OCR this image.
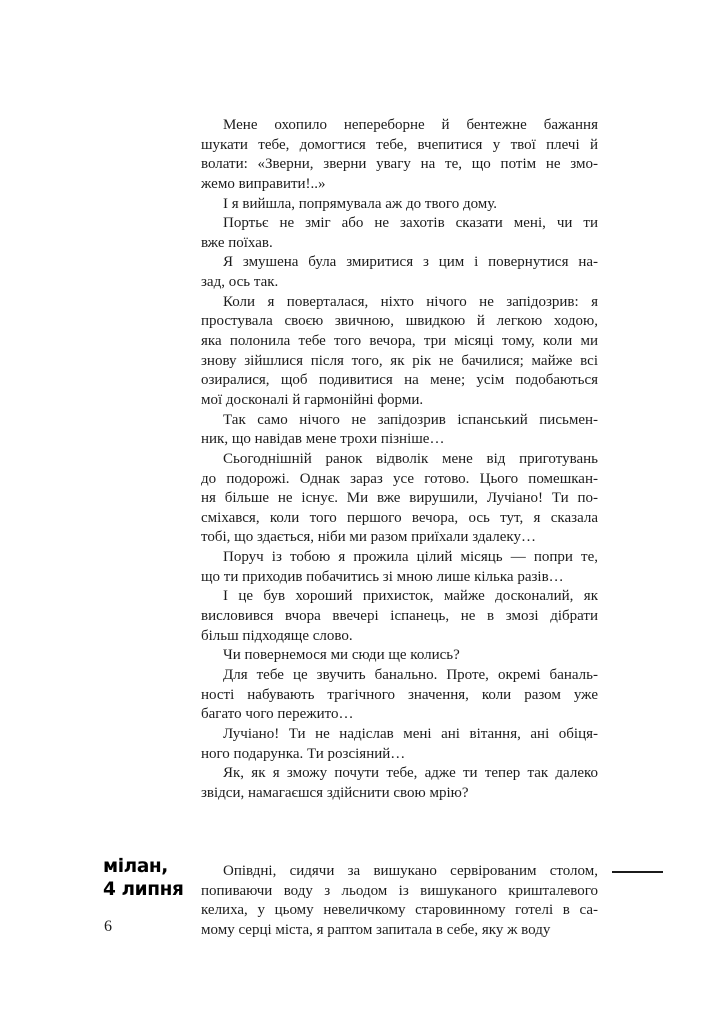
Мене охопило непереборне й бентежне бажання
шукати тебе, домогтися тебе, вчепитися у твої плечі й
волати: «Зверни, зверни увагу на те, що потім не змо-
жемо виправити!..»
І я вийшла, попрямувала аж до твого дому.
Портьє не зміг або не захотів сказати мені, чи ти
вже поїхав.
Я змушена була змиритися з цим і повернутися на-
зад, ось так.
Коли я поверталася, ніхто нічого не запідозрив: я
простувала своєю звичною, швидкою й легкою ходою,
яка полонила тебе того вечора, три місяці тому, коли ми
знову зійшлися після того, як рік не бачилися; майже всі
озиралися, щоб подивитися на мене; усім подобаються
мої досконалі й гармонійні форми.
Так само нічого не запідозрив іспанський письмен-
ник, що навідав мене трохи пізніше…
Сьогоднішній ранок відволік мене від приготувань
до подорожі. Однак зараз усе готово. Цього помешкан-
ня більше не існує. Ми вже вирушили, Лучіано! Ти по-
сміхався, коли того першого вечора, ось тут, я сказала
тобі, що здається, ніби ми разом приїхали здалеку…
Поруч із тобою я прожила цілий місяць — попри те,
що ти приходив побачитись зі мною лише кілька разів…
І це був хороший прихисток, майже досконалий, як
висловився вчора ввечері іспанець, не в змозі дібрати
більш підходяще слово.
Чи повернемося ми сюди ще колись?
Для тебе це звучить банально. Проте, окремі баналь-
ності набувають трагічного значення, коли разом уже
багато чого пережито…
Лучіано! Ти не надіслав мені ані вітання, ані обіця-
ного подарунка. Ти розсіяний…
Як, як я зможу почути тебе, адже ти тепер так далеко
звідси, намагаєшся здійснити свою мрію?
мілан,
4 липня
Опівдні, сидячи за вишукано сервірованим столом,
попиваючи воду з льодом із вишуканого кришталевого
келиха, у цьому невеличкому старовинному готелі в са-
мому серці міста, я раптом запитала в себе, яку ж воду
6
